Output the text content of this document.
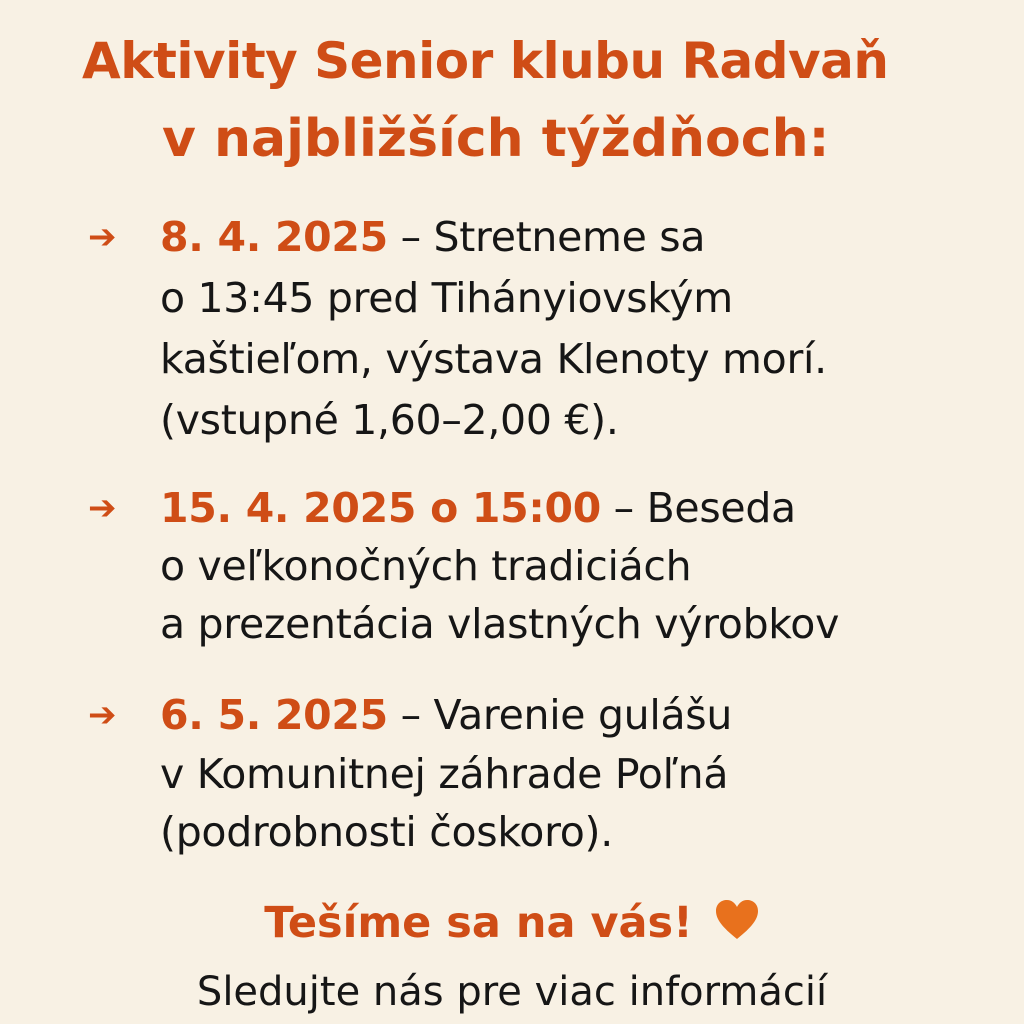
Aktivity Senior klubu Radvaň
v najbližších týždňoch:
➔	8. 4. 2025 – Stretneme sa
o 13:45 pred Tihányiovským
kaštieľom, výstava Klenoty morí.
(vstupné 1,60–2,00 €).
➔	15. 4. 2025 o 15:00 – Beseda
o veľkonočných tradiciách
a prezentácia vlastných výrobkov
➔	6. 5. 2025 – Varenie gulášu
v Komunitnej záhrade Poľná
(podrobnosti čoskoro).
Tešíme sa na vás!
Sledujte nás pre viac informácií
